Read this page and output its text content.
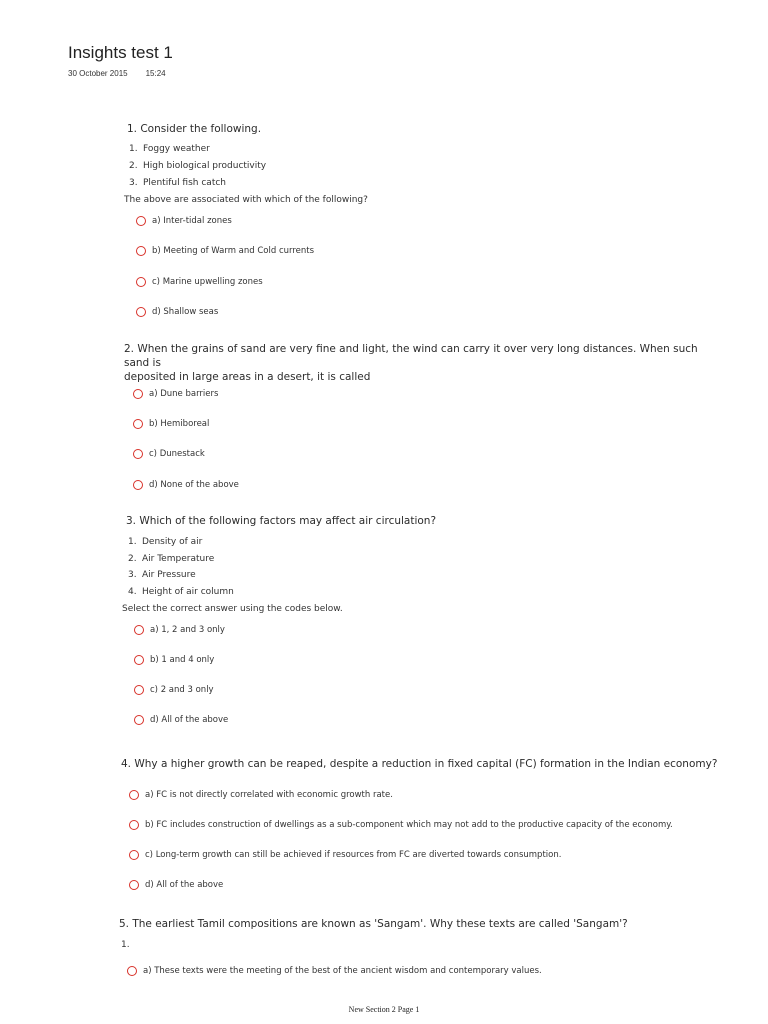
Insights test 1
30 October 2015 15:24
1. Consider the following.
1. Foggy weather
2. High biological productivity
3. Plentiful fish catch
The above are associated with which of the following?
a) Inter-tidal zones
b) Meeting of Warm and Cold currents
c) Marine upwelling zones
d) Shallow seas
2. When the grains of sand are very fine and light, the wind can carry it over very long distances. When such sand is
deposited in large areas in a desert, it is called
a) Dune barriers
b) Hemiboreal
c) Dunestack
d) None of the above
3. Which of the following factors may affect air circulation?
1. Density of air
2. Air Temperature
3. Air Pressure
4. Height of air column
Select the correct answer using the codes below.
a) 1, 2 and 3 only
b) 1 and 4 only
c) 2 and 3 only
d) All of the above
4. Why a higher growth can be reaped, despite a reduction in fixed capital (FC) formation in the Indian economy?
a) FC is not directly correlated with economic growth rate.
b) FC includes construction of dwellings as a sub-component which may not add to the productive capacity of the economy.
c) Long-term growth can still be achieved if resources from FC are diverted towards consumption.
d) All of the above
5. The earliest Tamil compositions are known as 'Sangam'. Why these texts are called 'Sangam'?
1.
a) These texts were the meeting of the best of the ancient wisdom and contemporary values.
New Section 2 Page 1
